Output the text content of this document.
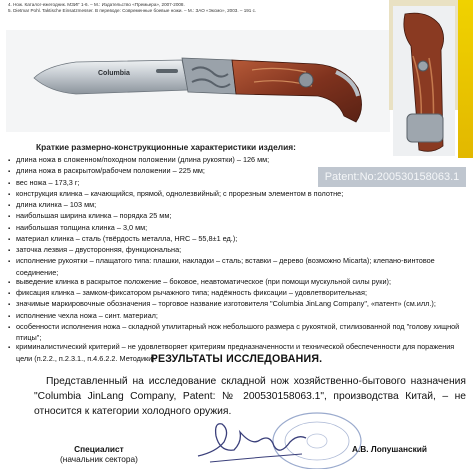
4. Нож. Каталог-ежегодник. МЗИГ 1-6. – М.: Издательство «Премьера», 2007-2008.
5. Dietmar Pohl. Taktische Einsatzmesser. В переводе: Современные боевые ножи. – М.: ЗАО «Эксмо», 2003. – 191 с.
Columbia
Patent:No:200530158063.1
Краткие размерно-конструкционные характеристики изделия:
▪ длина ножа в сложенном/походном положении (длина рукоятки) – 126 мм;
▪ длина ножа в раскрытом/рабочем положении – 225 мм;
▪ вес ножа – 173,3 г;
▪ конструкция клинка – качающийся, прямой, однолезвийный; с прорезным элементом в полотне;
▪ длина клинка – 103 мм;
▪ наибольшая ширина клинка – порядка 25 мм;
▪ наибольшая толщина клинка – 3,0 мм;
▪ материал клинка – сталь (твёрдость металла, HRC – 55,8±1 ед.);
▪ заточка лезвия – двусторонняя, функциональна;
▪ исполнение рукоятки – плащатого типа: плашки, накладки – сталь; вставки – дерево (возможно Micarta); клепано-винтовое соединение;
▪ выведение клинка в раскрытое положение – боковое, неавтоматическое (при помощи мускульной силы руки);
▪ фиксация клинка – замком-фиксатором рычажного типа; надёжность фиксации – удовлетворительная;
▪ значимые маркировочные обозначения – торговое название изготовителя "Columbia JinLang Company", «патент» (см.илл.);
▪ исполнение чехла ножа – синт. материал;
▪ особенности исполнения ножа – складной утилитарный нож небольшого размера с рукояткой, стилизованной под "голову хищной птицы";
▪ криминалистический критерий – не удовлетворяет критериям предназначенности и технической обеспеченности для поражения цели (п.2.2., п.2.3.1., п.4.6.2.2. Методики).
РЕЗУЛЬТАТЫ ИССЛЕДОВАНИЯ.
Представленный на исследование складной нож хозяйственно-бытового назначения "Columbia JinLang Company, Patent: № 200530158063.1", производства Китай, – не относится к категории холодного оружия.
Специалист
(начальник сектора)
А.В. Лопушанский
